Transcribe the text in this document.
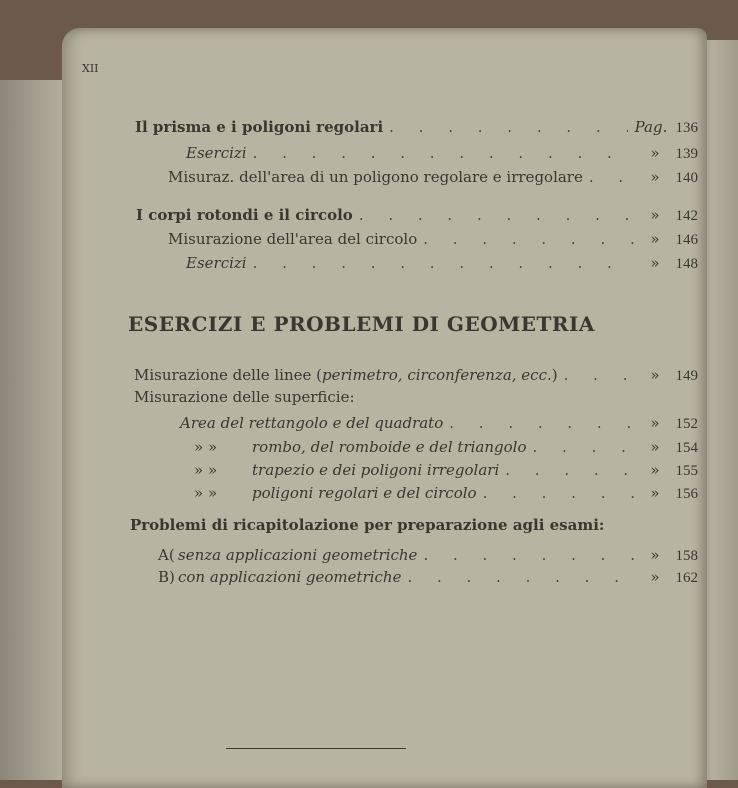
XII
Il prisma e i poligoni regolari . . .	Pag. 136
Esercizi . . .	»	139
Misuraz. dell'area di un poligono regolare e irregolare . . .	»	140
I corpi rotondi e il circolo . . .	»	142
Misurazione dell'area del circolo . . .	»	146
Esercizi . . .	»	148
ESERCIZI E PROBLEMI DI GEOMETRIA
Misurazione delle linee (perimetro, circonferenza, ecc.) . . .	»	149
Misurazione delle superficie:
Area del rettangolo e del quadrato . . .	»	152
» »	rombo, del romboide e del triangolo . . .	»	154
» »	trapezio e dei poligoni irregolari . . .	»	155
» »	poligoni regolari e del circolo . . .	»	156
Problemi di ricapitolazione per preparazione agli esami:
A( senza applicazioni geometriche . . .	»	158
B) con applicazioni geometriche . . .	»	162
